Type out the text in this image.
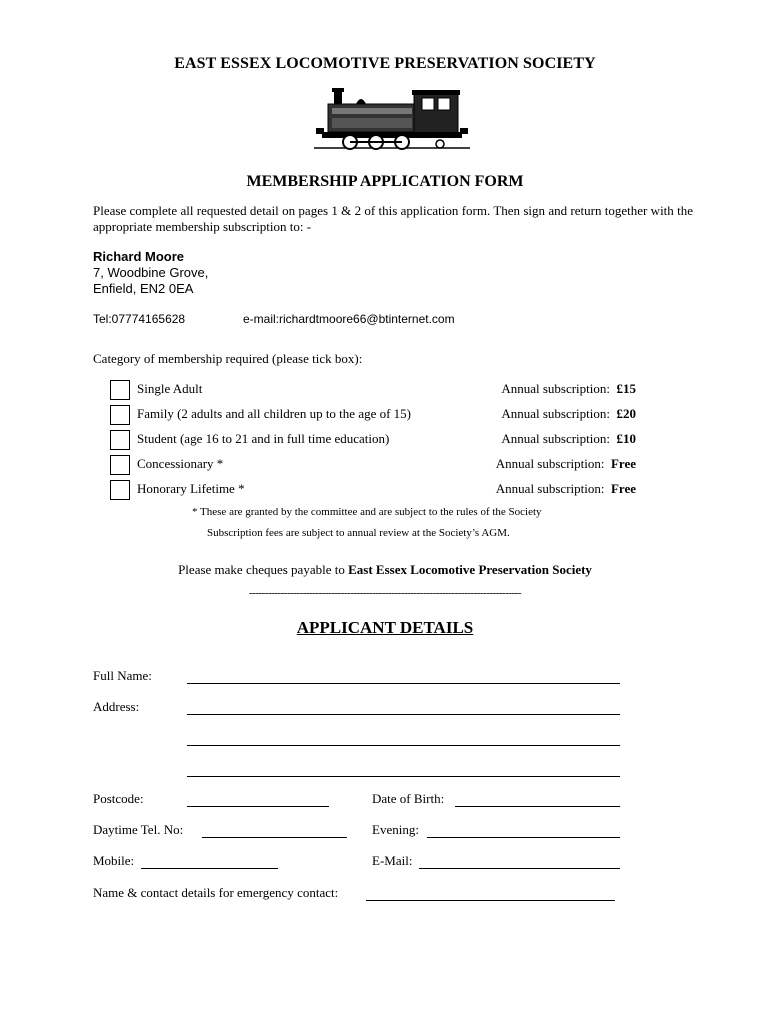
EAST ESSEX LOCOMOTIVE PRESERVATION SOCIETY
MEMBERSHIP APPLICATION FORM
Please complete all requested detail on pages 1 & 2 of this application form. Then sign and return together with the appropriate membership subscription to: -
Richard Moore
7, Woodbine Grove,
Enfield, EN2 0EA
Tel:07774165628	e-mail:richardtmoore66@btinternet.com
Category of membership required (please tick box):
Single Adult	Annual subscription: £15
Family (2 adults and all children up to the age of 15)	Annual subscription: £20
Student (age 16 to 21 and in full time education)	Annual subscription: £10
Concessionary *	Annual subscription: Free
Honorary Lifetime *	Annual subscription: Free
* These are granted by the committee and are subject to the rules of the Society
Subscription fees are subject to annual review at the Society’s AGM.
Please make cheques payable to East Essex Locomotive Preservation Society
--------------------------------------------------------------------------------------
APPLICANT DETAILS
Full Name:
Address:
Postcode:	Date of Birth:
Daytime Tel. No:	Evening:
Mobile:	E-Mail:
Name & contact details for emergency contact:
